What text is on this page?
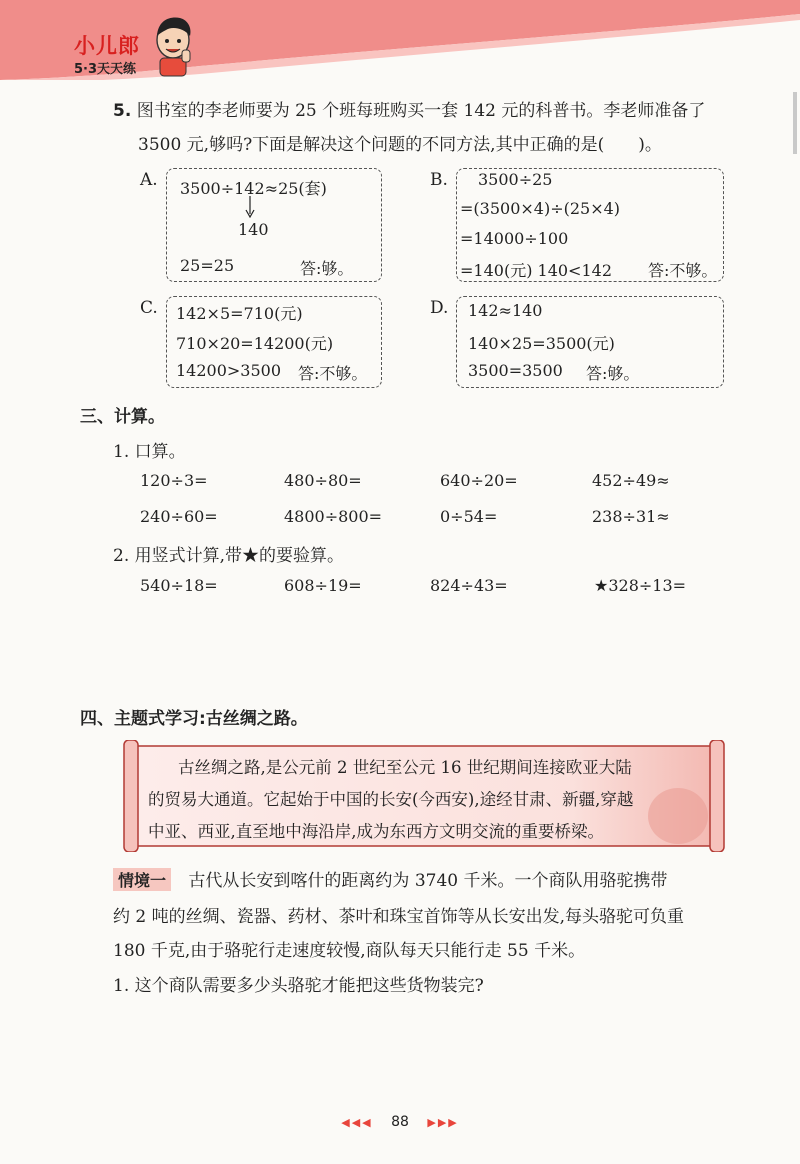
小儿郎
5·3天天练
5. 图书室的李老师要为 25 个班每班购买一套 142 元的科普书。李老师准备了
3500 元,够吗?下面是解决这个问题的不同方法,其中正确的是( )。
A. 3500÷142≈25(套)
140
25=25	答:够。
B. 3500÷25
=(3500×4)÷(25×4)
=14000÷100
=140(元) 140<142 答:不够。
C. 142×5=710(元)
710×20=14200(元)
14200>3500 答:不够。
D. 142≈140
140×25=3500(元)
3500=3500 答:够。
三、计算。
1. 口算。
120÷3=	480÷80=	640÷20=	452÷49≈
240÷60=	4800÷800=	0÷54=	238÷31≈
2. 用竖式计算,带★的要验算。
540÷18=	608÷19=	824÷43=	★328÷13=
四、主题式学习:古丝绸之路。
古丝绸之路,是公元前 2 世纪至公元 16 世纪期间连接欧亚大陆
的贸易大通道。它起始于中国的长安(今西安),途经甘肃、新疆,穿越
中亚、西亚,直至地中海沿岸,成为东西方文明交流的重要桥梁。
情境一 古代从长安到喀什的距离约为 3740 千米。一个商队用骆驼携带
约 2 吨的丝绸、瓷器、药材、茶叶和珠宝首饰等从长安出发,每头骆驼可负重
180 千克,由于骆驼行走速度较慢,商队每天只能行走 55 千米。
1. 这个商队需要多少头骆驼才能把这些货物装完?
◀◀◀ 88 ▶▶▶
